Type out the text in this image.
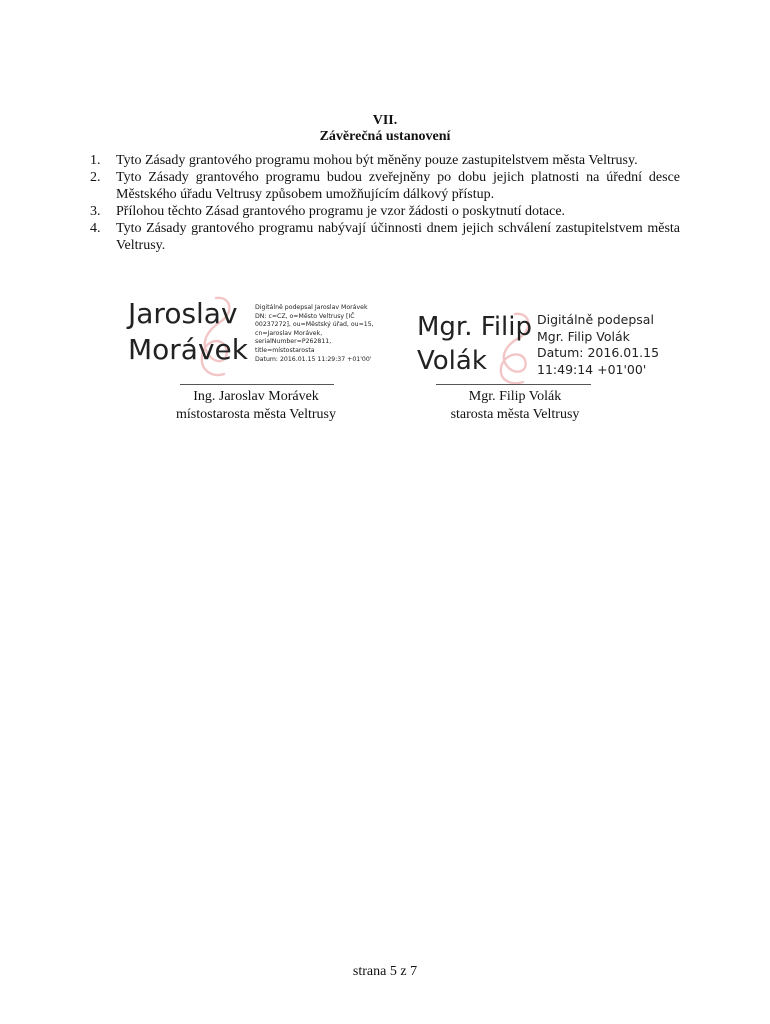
VII.
Závěrečná ustanovení
1. Tyto Zásady grantového programu mohou být měněny pouze zastupitelstvem města Veltrusy.
2. Tyto Zásady grantového programu budou zveřejněny po dobu jejich platnosti na úřední desce Městského úřadu Veltrusy způsobem umožňujícím dálkový přístup.
3. Přílohou těchto Zásad grantového programu je vzor žádosti o poskytnutí dotace.
4. Tyto Zásady grantového programu nabývají účinnosti dnem jejich schválení zastupitelstvem města Veltrusy.
Jaroslav
Morávek
Digitálně podepsal Jaroslav Morávek
DN: c=CZ, o=Město Veltrusy [IČ
00237272], ou=Městský úřad, ou=15,
cn=Jaroslav Morávek,
serialNumber=P262811,
title=místostarosta
Datum: 2016.01.15 11:29:37 +01'00'
Mgr. Filip
Volák
Digitálně podepsal
Mgr. Filip Volák
Datum: 2016.01.15
11:49:14 +01'00'
Ing. Jaroslav Morávek
místostarosta města Veltrusy
Mgr. Filip Volák
starosta města Veltrusy
strana 5 z 7
